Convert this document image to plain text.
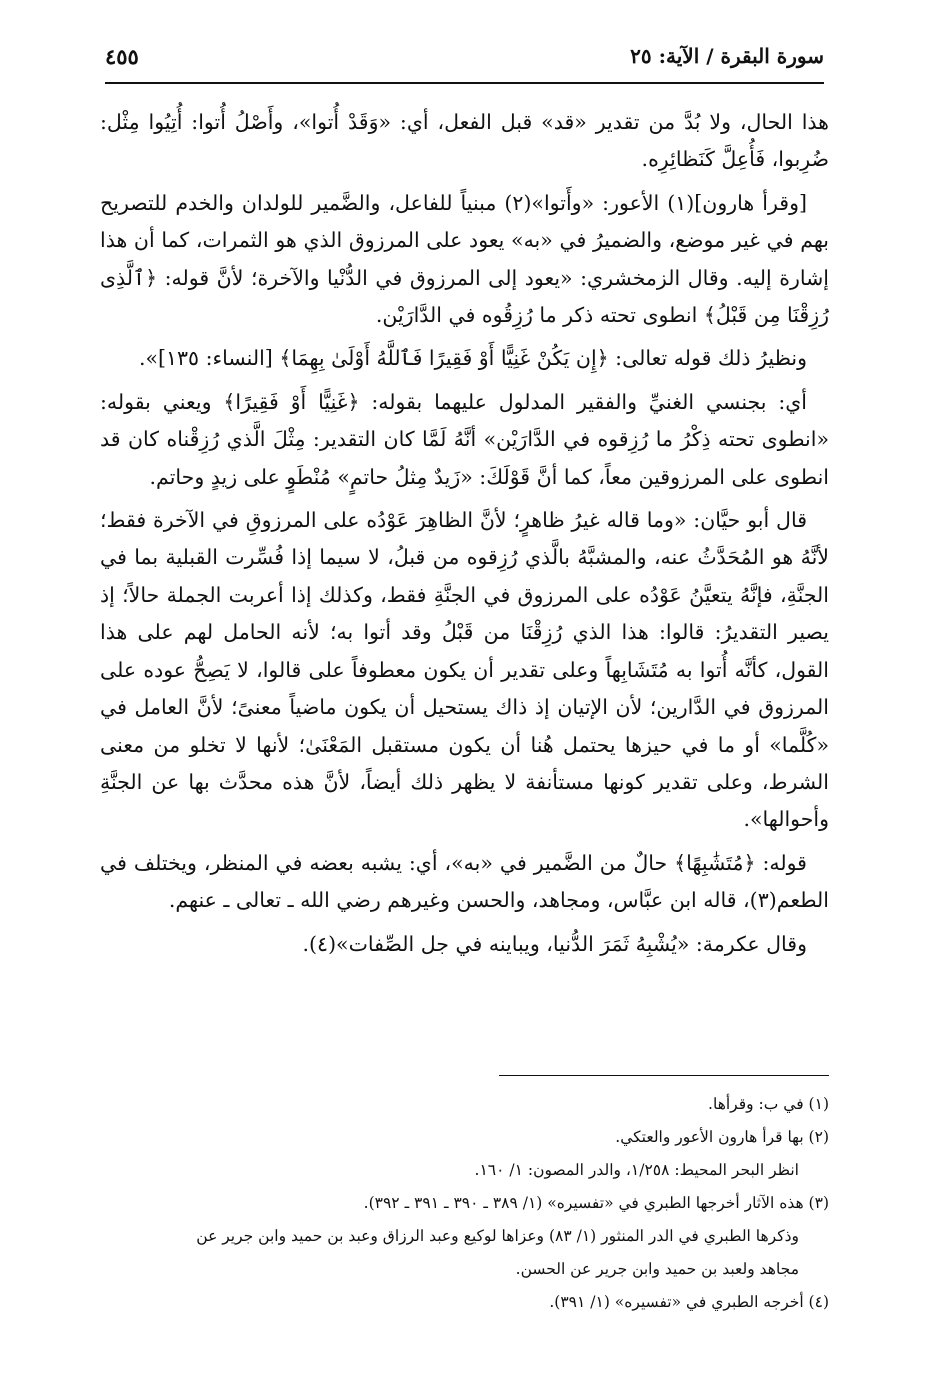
سورة البقرة / الآية: ٢٥
٤٥٥

هذا الحال، ولا بُدَّ من تقدير «قد» قبل الفعل، أي: «وَقَدْ أُتوا»، وأَصْلُ أُتوا: أُتِيُوا مِثْل: ضُرِبوا، فَأُعِلَّ كَنَظائِرِه.

[وقرأ هارون](١) الأعور: «وأَتوا»(٢) مبنياً للفاعل، والضَّمير للولدان والخدم للتصريح بهم في غير موضع، والضميرُ في «به» يعود على المرزوق الذي هو الثمرات، كما أن هذا إشارة إليه. وقال الزمخشري: «يعود إلى المرزوق في الدُّنْيا والآخرة؛ لأنَّ قوله: ﴿ٱلَّذِى رُزِقْنَا مِن قَبْلُ﴾ انطوى تحته ذكر ما رُزِقُوه في الدَّارَيْن.

ونظيرُ ذلك قوله تعالى: ﴿إِن يَكُنْ غَنِيًّا أَوْ فَقِيرًا فَٱللَّهُ أَوْلَىٰ بِهِمَا﴾ [النساء: ١٣٥]».

أي: بجنسي الغنيِّ والفقير المدلول عليهما بقوله: ﴿غَنِيًّا أَوْ فَقِيرًا﴾ ويعني بقوله: «انطوى تحته ذِكْرُ ما رُزِقوه في الدَّارَيْن» أنَّهُ لَمَّا كان التقدير: مِثْلَ الَّذي رُزِقْناه كان قد انطوى على المرزوقين معاً، كما أنَّ قَوْلَكَ: «زَيدٌ مِثلُ حاتمٍ» مُنْطَوٍ على زيدٍ وحاتم.

قال أبو حيَّان: «وما قاله غيرُ ظاهرٍ؛ لأنَّ الظاهِرَ عَوْدُه على المرزوقِ في الآخرة فقط؛ لأنَّهُ هو المُحَدَّثُ عنه، والمشبَّهُ بالَّذي رُزِقوه من قبلُ، لا سيما إذا فُسِّرت القبلية بما في الجنَّةِ، فإنَّهُ يتعيَّنُ عَوْدُه على المرزوق في الجنَّةِ فقط، وكذلك إذا أعربت الجملة حالاً؛ إذ يصير التقديرُ: قالوا: هذا الذي رُزِقْنَا من قَبْلُ وقد أتوا به؛ لأنه الحامل لهم على هذا القول، كأنَّه أُتوا به مُتَشَابِهاً وعلى تقدير أن يكون معطوفاً على قالوا، لا يَصِحُّ عوده على المرزوق في الدَّارين؛ لأن الإتيان إذ ذاك يستحيل أن يكون ماضياً معنىً؛ لأنَّ العامل في «كُلَّما» أو ما في حيزها يحتمل هُنا أن يكون مستقبل المَعْنَىٰ؛ لأنها لا تخلو من معنى الشرط، وعلى تقدير كونها مستأنفة لا يظهر ذلك أيضاً، لأنَّ هذه محدَّث بها عن الجنَّةِ وأحوالها».

قوله: ﴿مُتَشَٰبِهًا﴾ حالٌ من الضَّمير في «به»، أي: يشبه بعضه في المنظر، ويختلف في الطعم(٣)، قاله ابن عبَّاس، ومجاهد، والحسن وغيرهم رضي الله ـ تعالى ـ عنهم.

وقال عكرمة: «يُشْبِهُ ثَمَرَ الدُّنيا، ويباينه في جل الصِّفات»(٤).

(١) في ب: وقرأها.

(٢) بها قرأ هارون الأعور والعتكي.

انظر البحر المحيط: ١/٢٥٨، والدر المصون: ١/ ١٦٠.

(٣) هذه الآثار أخرجها الطبري في «تفسيره» (١/ ٣٨٩ ـ ٣٩٠ ـ ٣٩١ ـ ٣٩٢).

وذكرها الطبري في الدر المنثور (١/ ٨٣) وعزاها لوكيع وعبد الرزاق وعبد بن حميد وابن جرير عن

مجاهد ولعبد بن حميد وابن جرير عن الحسن.

(٤) أخرجه الطبري في «تفسيره» (١/ ٣٩١).
